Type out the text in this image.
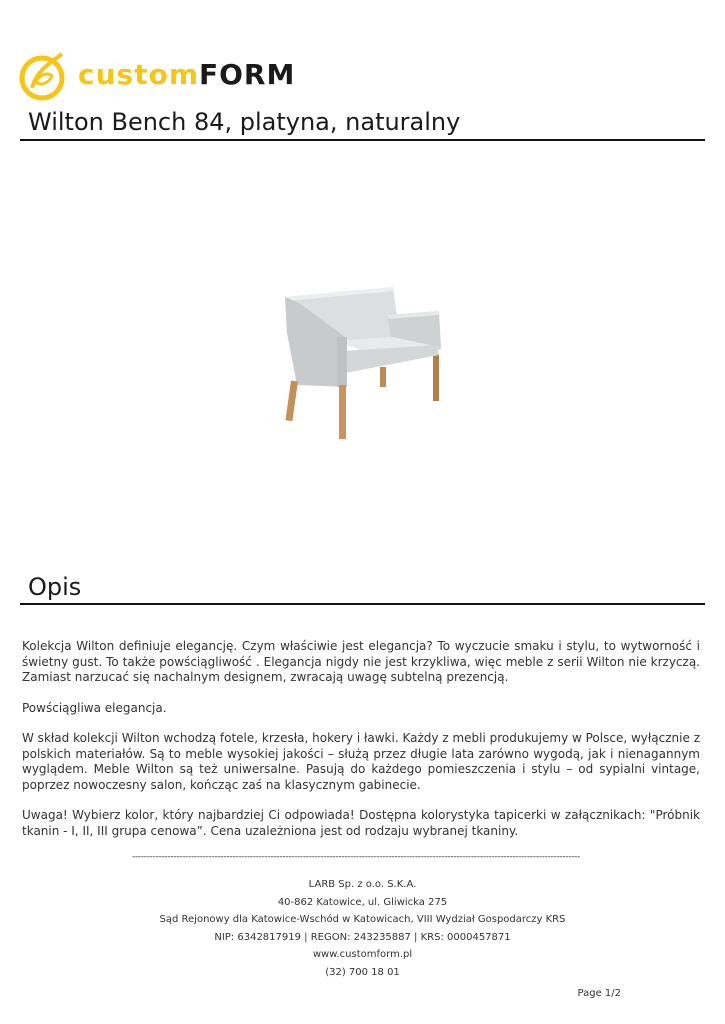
customFORM
Wilton Bench 84, platyna, naturalny
Opis

Kolekcja Wilton definiuje elegancję. Czym właściwie jest elegancja? To wyczucie smaku i stylu, to wytworność i świetny gust. To także powściągliwość . Elegancja nigdy nie jest krzykliwa, więc meble z serii Wilton nie krzyczą. Zamiast narzucać się nachalnym designem, zwracają uwagę subtelną prezencją.

Powściągliwa elegancja.

W skład kolekcji Wilton wchodzą fotele, krzesła, hokery i ławki. Każdy z mebli produkujemy w Polsce, wyłącznie z polskich materiałów. Są to meble wysokiej jakości – służą przez długie lata zarówno wygodą, jak i nienagannym wyglądem. Meble Wilton są też uniwersalne. Pasują do każdego pomieszczenia i stylu – od sypialni vintage, poprzez nowoczesny salon, kończąc zaś na klasycznym gabinecie.

Uwaga! Wybierz kolor, który najbardziej Ci odpowiada! Dostępna kolorystyka tapicerki w załącznikach: "Próbnik tkanin - I, II, III grupa cenowa”. Cena uzależniona jest od rodzaju wybranej tkaniny.

--------------------------------------------------------------------------------------------------------------------------------------------------------
LARB Sp. z o.o. S.K.A.
40-862 Katowice, ul. Gliwicka 275
Sąd Rejonowy dla Katowice-Wschód w Katowicach, VIII Wydział Gospodarczy KRS
NIP: 6342817919 | REGON: 243235887 | KRS: 0000457871
www.customform.pl
(32) 700 18 01
Page 1/2
